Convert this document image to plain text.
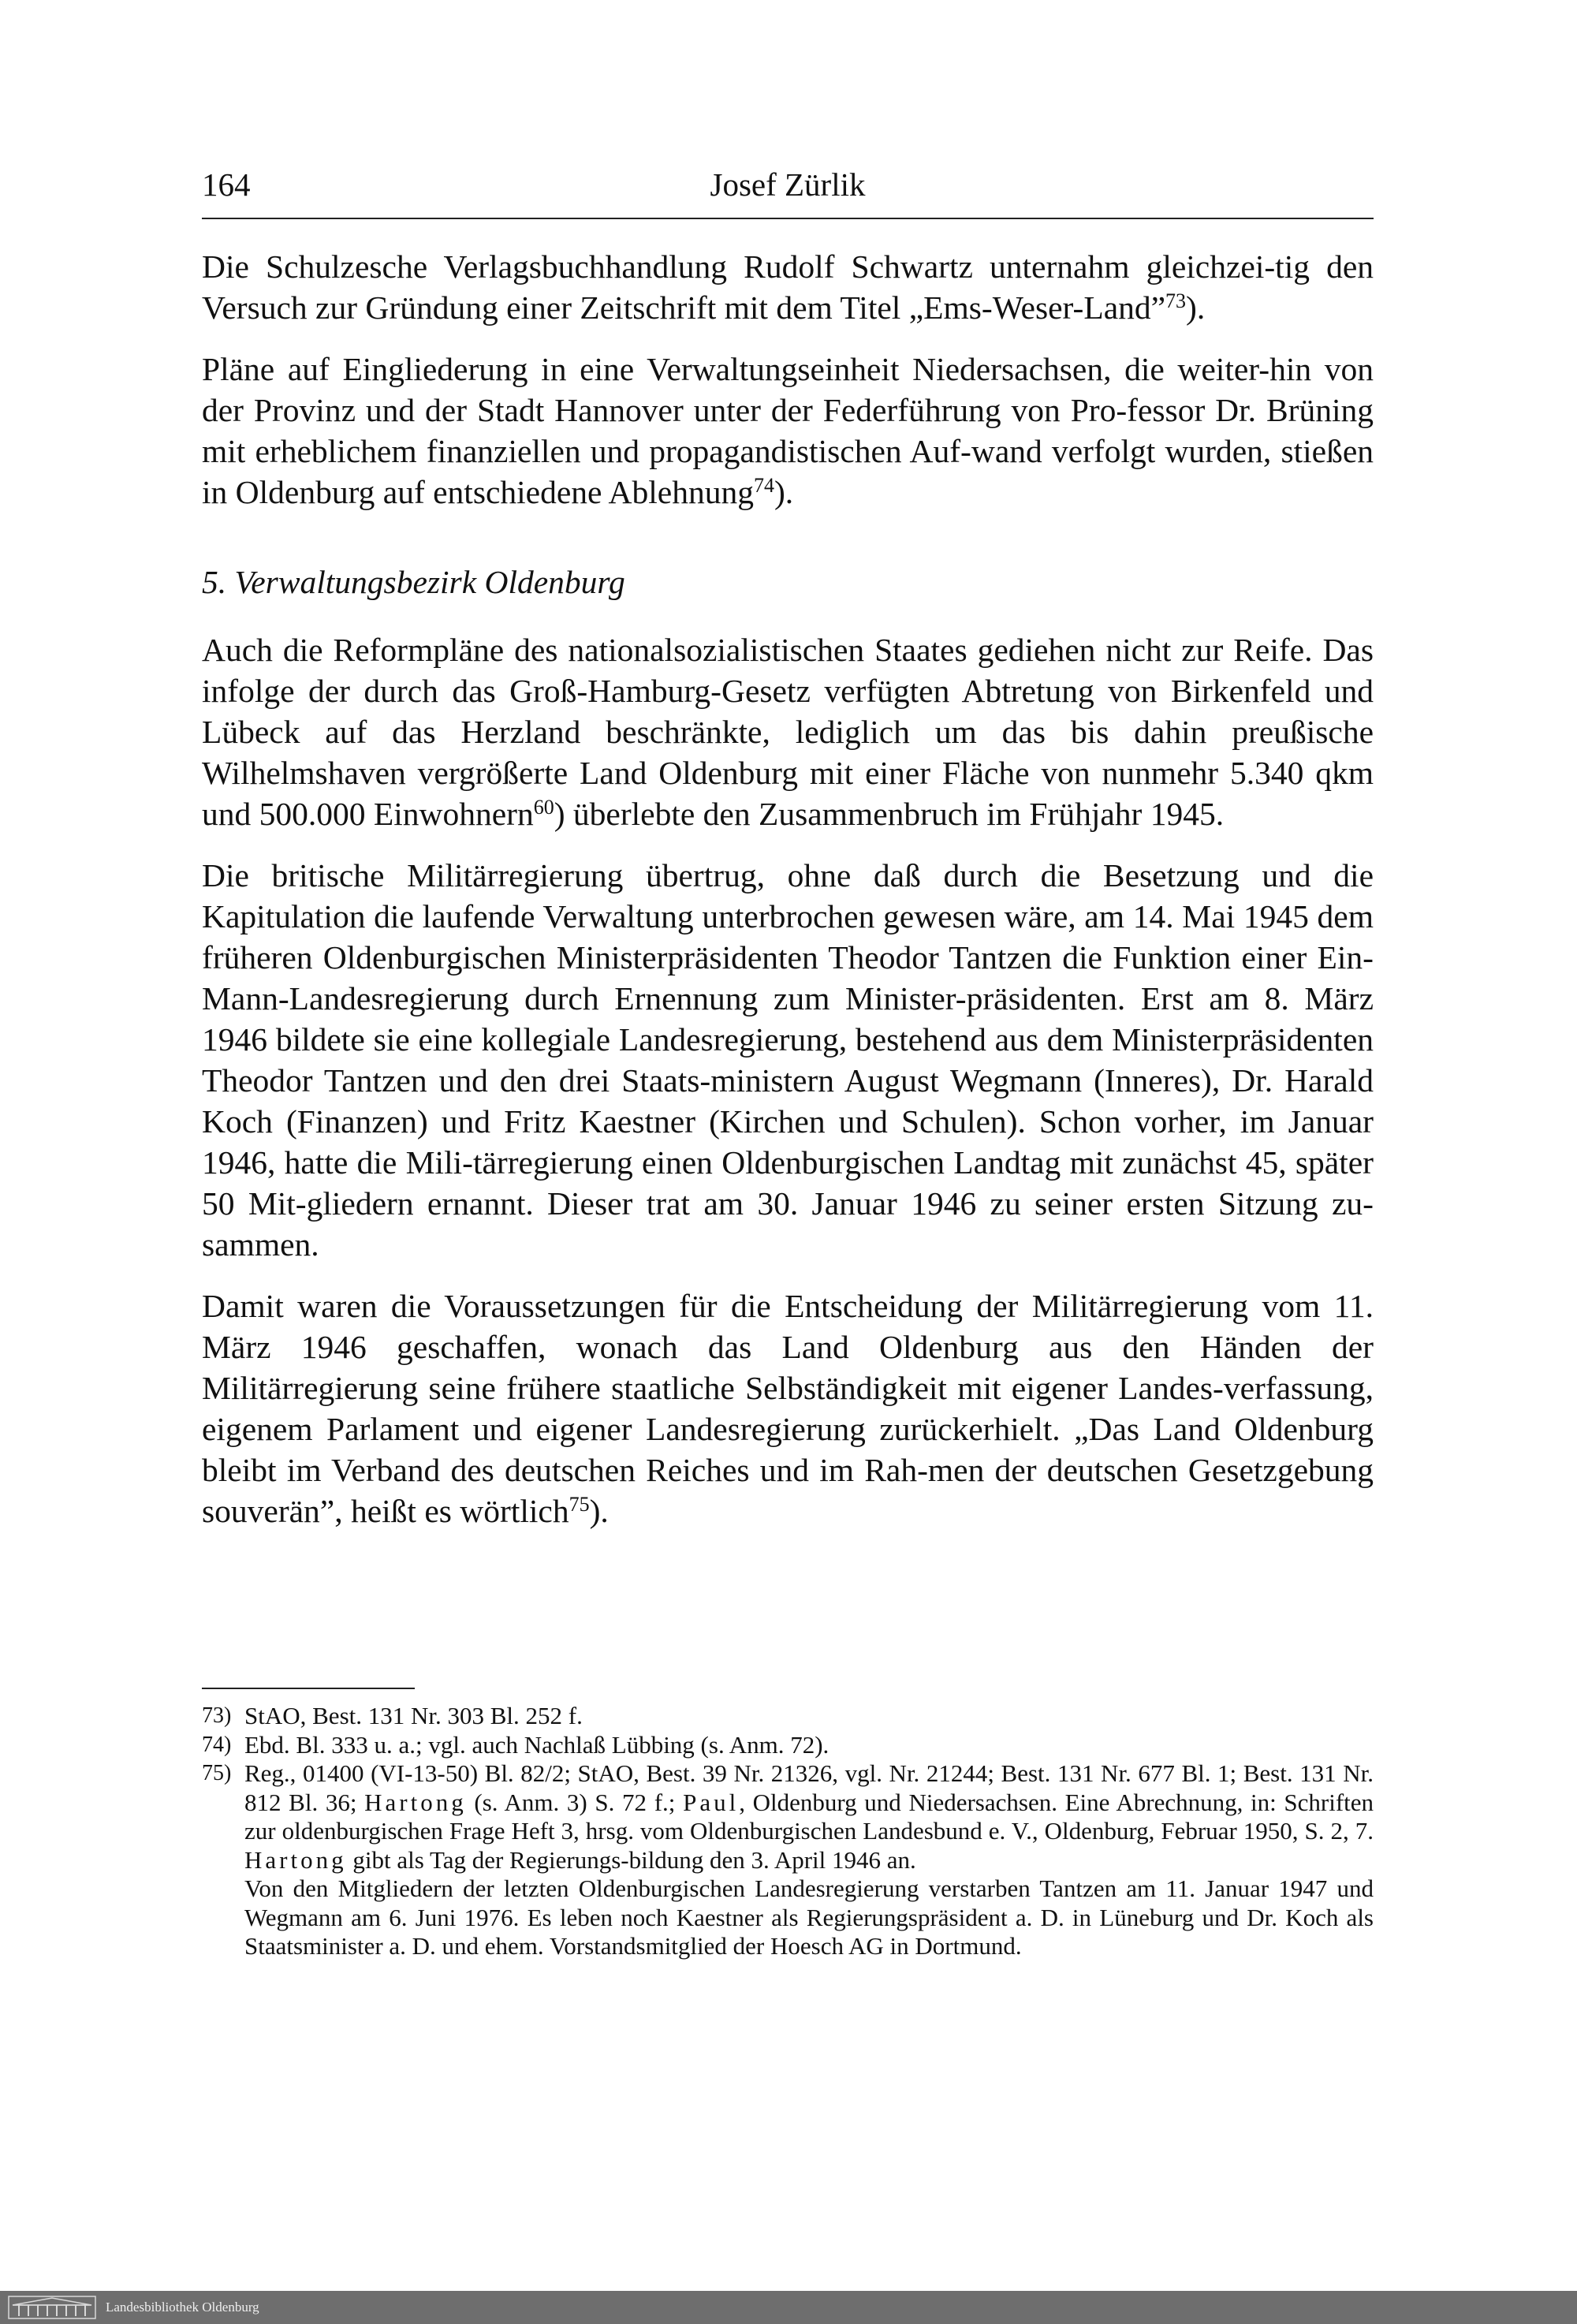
164	Josef Zürlik

Die Schulzesche Verlagsbuchhandlung Rudolf Schwartz unternahm gleichzei-tig den Versuch zur Gründung einer Zeitschrift mit dem Titel „Ems-Weser-Land”$^{73}$).

Pläne auf Eingliederung in eine Verwaltungseinheit Niedersachsen, die weiter-hin von der Provinz und der Stadt Hannover unter der Federführung von Pro-fessor Dr. Brüning mit erheblichem finanziellen und propagandistischen Auf-wand verfolgt wurden, stießen in Oldenburg auf entschiedene Ablehnung$^{74}$).

5. Verwaltungsbezirk Oldenburg

Auch die Reformpläne des nationalsozialistischen Staates gediehen nicht zur Reife. Das infolge der durch das Groß-Hamburg-Gesetz verfügten Abtretung von Birkenfeld und Lübeck auf das Herzland beschränkte, lediglich um das bis dahin preußische Wilhelmshaven vergrößerte Land Oldenburg mit einer Fläche von nunmehr 5.340 qkm und 500.000 Einwohnern$^{60}$) überlebte den Zusammenbruch im Frühjahr 1945.

Die britische Militärregierung übertrug, ohne daß durch die Besetzung und die Kapitulation die laufende Verwaltung unterbrochen gewesen wäre, am 14. Mai 1945 dem früheren Oldenburgischen Ministerpräsidenten Theodor Tantzen die Funktion einer Ein-Mann-Landesregierung durch Ernennung zum Minister-präsidenten. Erst am 8. März 1946 bildete sie eine kollegiale Landesregierung, bestehend aus dem Ministerpräsidenten Theodor Tantzen und den drei Staats-ministern August Wegmann (Inneres), Dr. Harald Koch (Finanzen) und Fritz Kaestner (Kirchen und Schulen). Schon vorher, im Januar 1946, hatte die Mili-tärregierung einen Oldenburgischen Landtag mit zunächst 45, später 50 Mit-gliedern ernannt. Dieser trat am 30. Januar 1946 zu seiner ersten Sitzung zu-sammen.

Damit waren die Voraussetzungen für die Entscheidung der Militärregierung vom 11. März 1946 geschaffen, wonach das Land Oldenburg aus den Händen der Militärregierung seine frühere staatliche Selbständigkeit mit eigener Landes-verfassung, eigenem Parlament und eigener Landesregierung zurückerhielt. „Das Land Oldenburg bleibt im Verband des deutschen Reiches und im Rah-men der deutschen Gesetzgebung souverän”, heißt es wörtlich$^{75}$).

73) StAO, Best. 131 Nr. 303 Bl. 252 f.
74) Ebd. Bl. 333 u. a.; vgl. auch Nachlaß Lübbing (s. Anm. 72).
75) Reg., 01400 (VI-13-50) Bl. 82/2; StAO, Best. 39 Nr. 21326, vgl. Nr. 21244; Best. 131 Nr. 677 Bl. 1; Best. 131 Nr. 812 Bl. 36; Hartong (s. Anm. 3) S. 72 f.; Paul, Oldenburg und Niedersachsen. Eine Abrechnung, in: Schriften zur oldenburgischen Frage Heft 3, hrsg. vom Oldenburgischen Landesbund e. V., Oldenburg, Februar 1950, S. 2, 7. Hartong gibt als Tag der Regierungs-bildung den 3. April 1946 an.

Von den Mitgliedern der letzten Oldenburgischen Landesregierung verstarben Tantzen am 11. Januar 1947 und Wegmann am 6. Juni 1976. Es leben noch Kaestner als Regierungspräsident a. D. in Lüneburg und Dr. Koch als Staatsminister a. D. und ehem. Vorstandsmitglied der Hoesch AG in Dortmund.

Landesbibliothek Oldenburg
